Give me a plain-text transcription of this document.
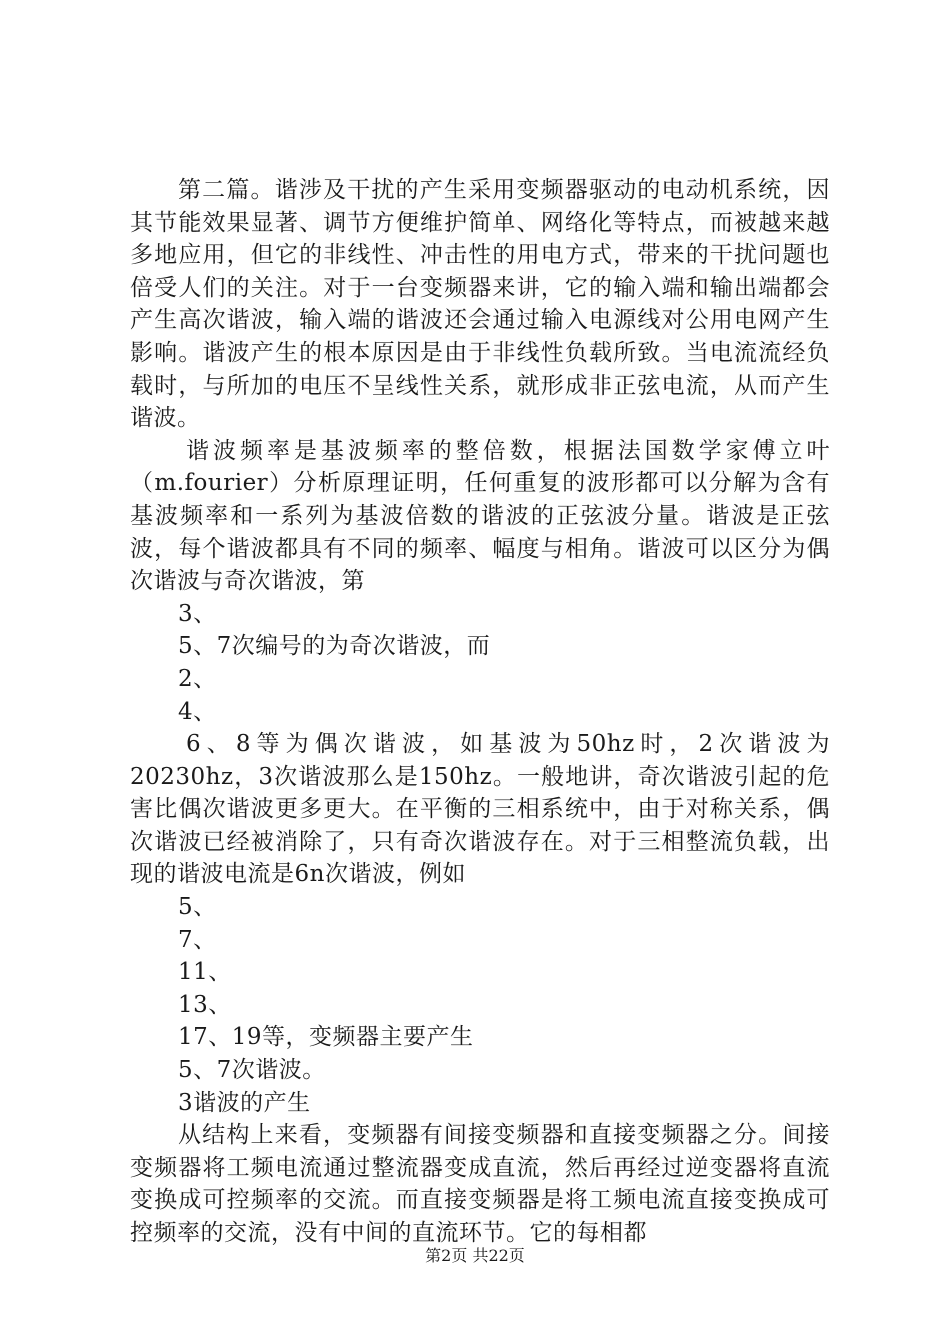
第二篇。谐涉及干扰的产生采用变频器驱动的电动机系统，因其节能效果显著、调节方便维护简单、网络化等特点，而被越来越多地应用，但它的非线性、冲击性的用电方式，带来的干扰问题也倍受人们的关注。对于一台变频器来讲，它的输入端和输出端都会产生高次谐波，输入端的谐波还会通过输入电源线对公用电网产生影响。谐波产生的根本原因是由于非线性负载所致。当电流流经负载时，与所加的电压不呈线性关系，就形成非正弦电流，从而产生谐波。

谐波频率是基波频率的整倍数，根据法国数学家傅立叶（m.fourier）分析原理证明，任何重复的波形都可以分解为含有基波频率和一系列为基波倍数的谐波的正弦波分量。谐波是正弦波，每个谐波都具有不同的频率、幅度与相角。谐波可以区分为偶次谐波与奇次谐波，第

3、

5、7次编号的为奇次谐波，而

2、

4、

6、8等为偶次谐波，如基波为50hz时，2次谐波为20230hz，3次谐波那么是150hz。一般地讲，奇次谐波引起的危害比偶次谐波更多更大。在平衡的三相系统中，由于对称关系，偶次谐波已经被消除了，只有奇次谐波存在。对于三相整流负载，出现的谐波电流是6n次谐波，例如

5、

7、

11、

13、

17、19等，变频器主要产生

5、7次谐波。

3谐波的产生

从结构上来看，变频器有间接变频器和直接变频器之分。间接变频器将工频电流通过整流器变成直流，然后再经过逆变器将直流变换成可控频率的交流。而直接变频器是将工频电流直接变换成可控频率的交流，没有中间的直流环节。它的每相都

第2页 共22页
